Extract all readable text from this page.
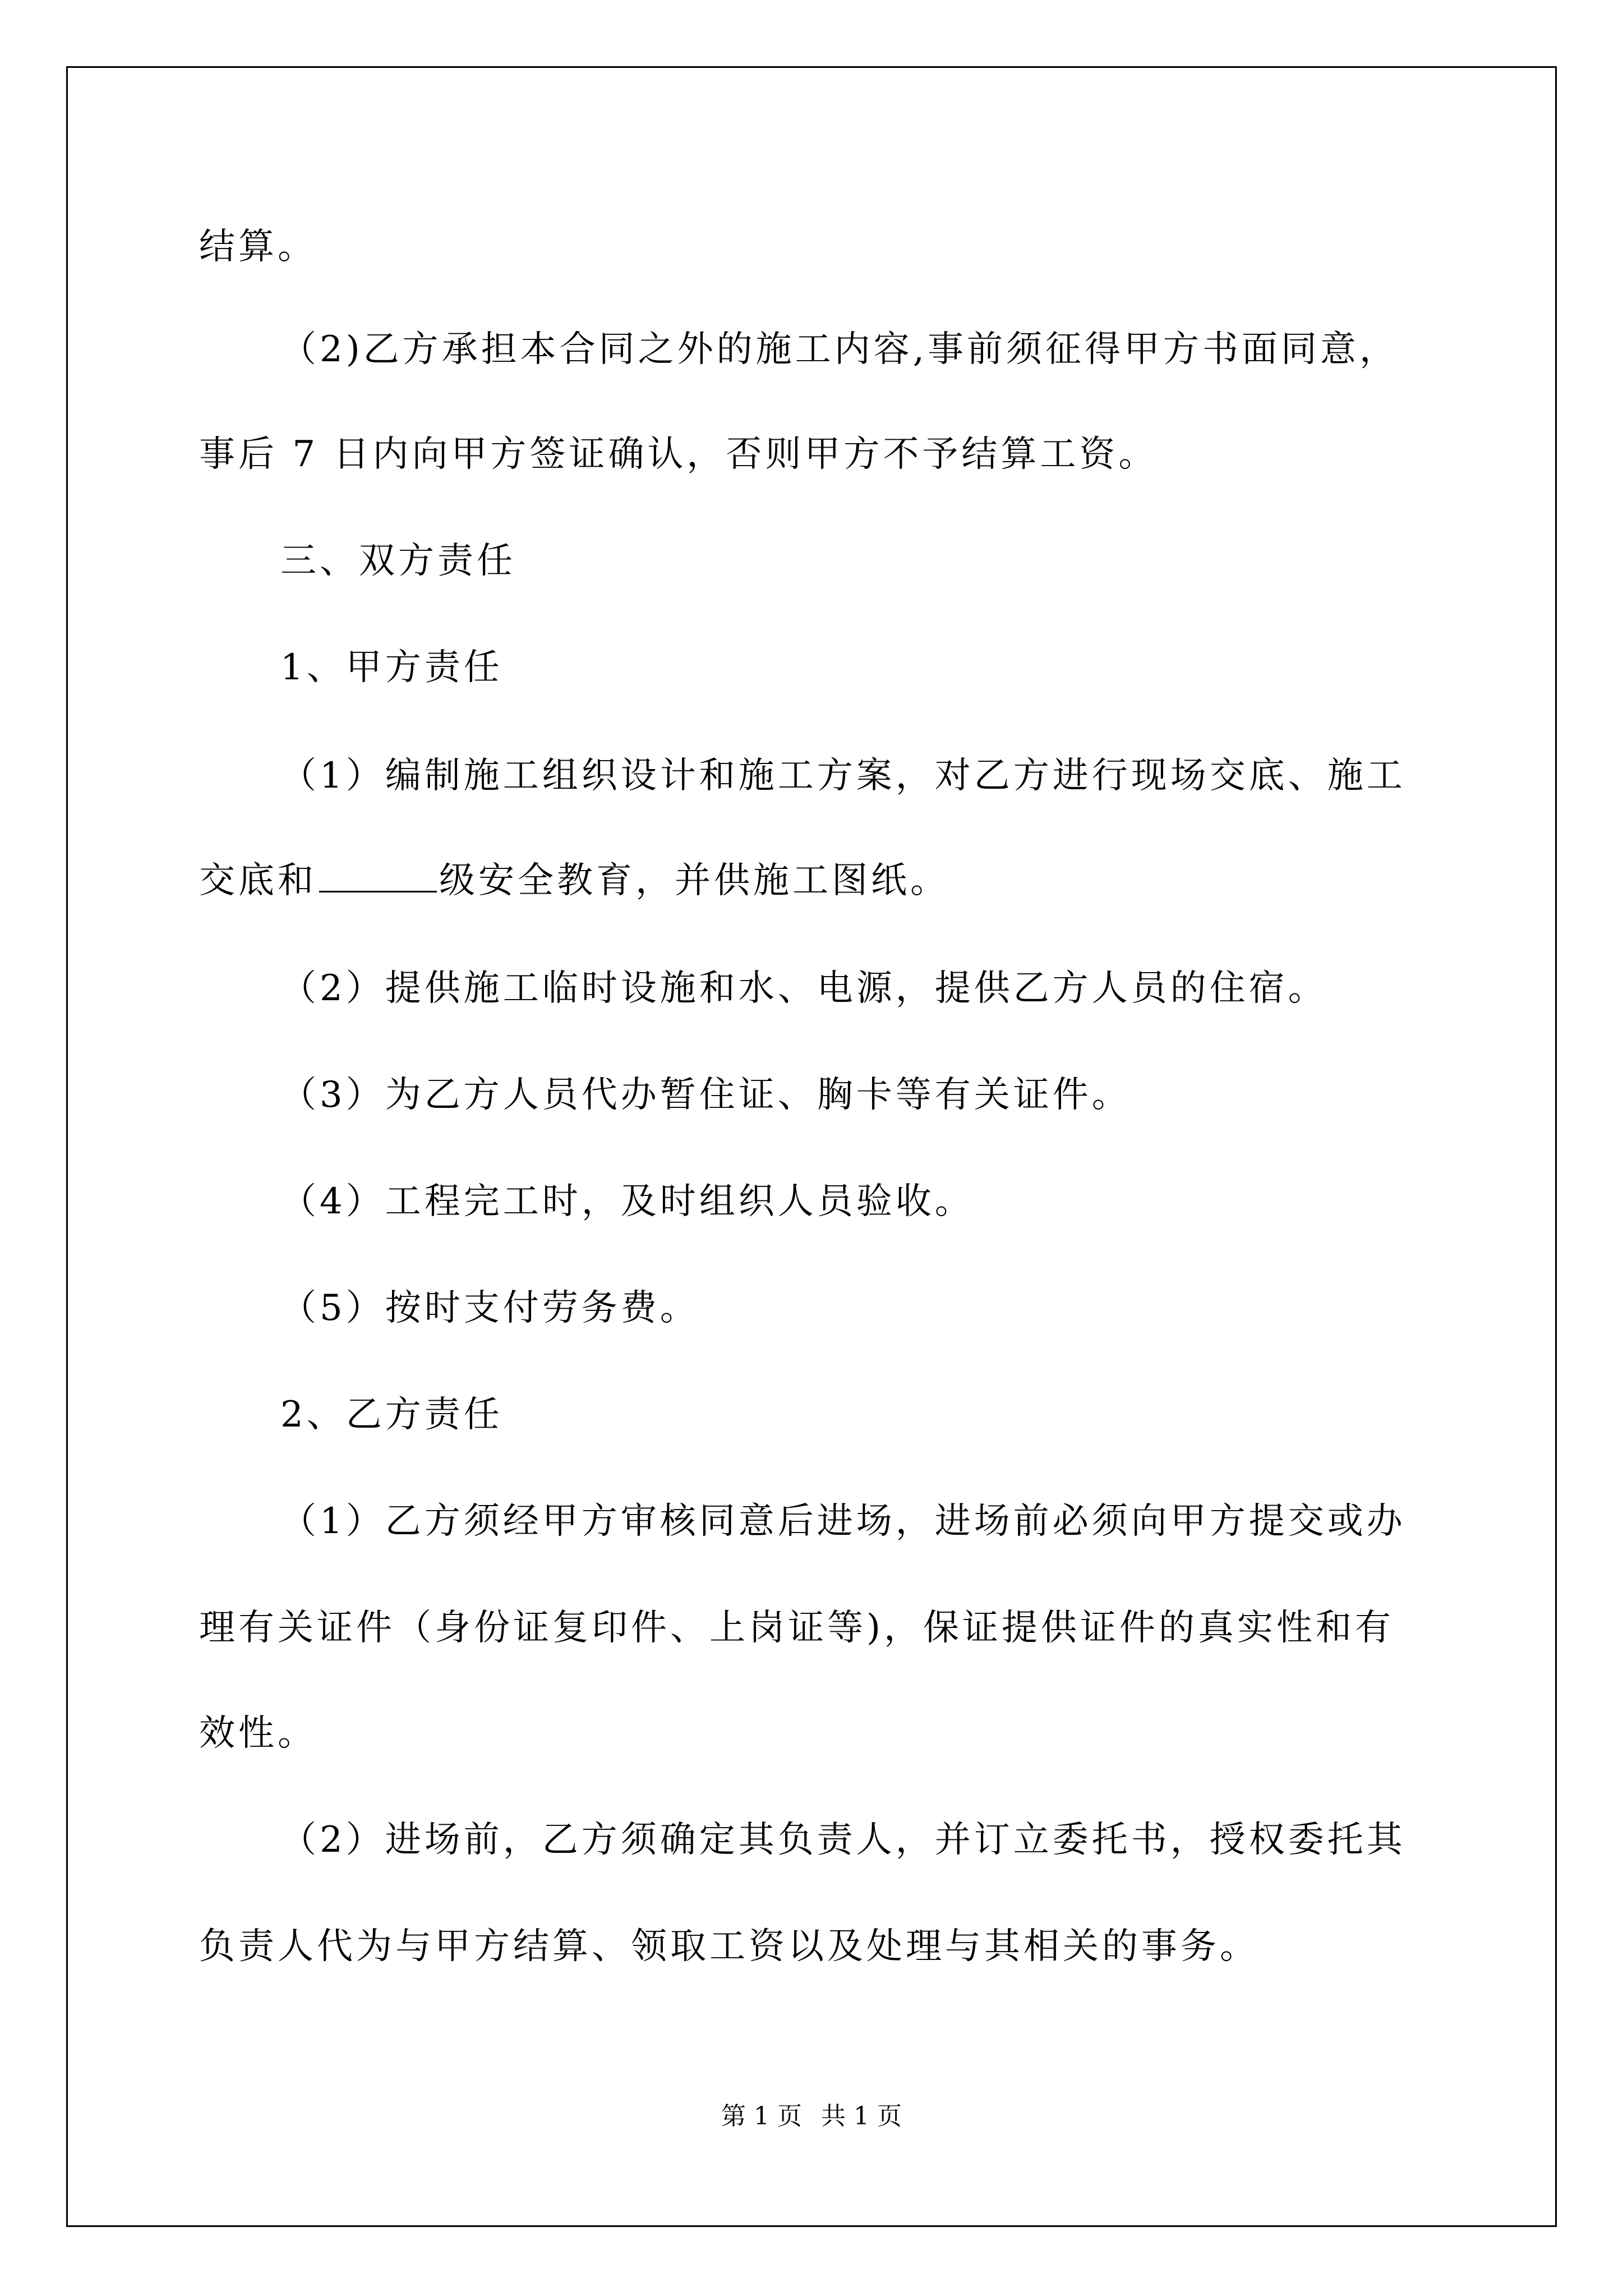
结算。
（2)乙方承担本合同之外的施工内容,事前须征得甲方书面同意，
事后 7 日内向甲方签证确认，否则甲方不予结算工资。
三、双方责任
1、甲方责任
（1）编制施工组织设计和施工方案，对乙方进行现场交底、施工
交底和	级安全教育，并供施工图纸。
（2）提供施工临时设施和水、电源，提供乙方人员的住宿。
（3）为乙方人员代办暂住证、胸卡等有关证件。
（4）工程完工时，及时组织人员验收。
（5）按时支付劳务费。
2、乙方责任
（1）乙方须经甲方审核同意后进场，进场前必须向甲方提交或办
理有关证件（身份证复印件、上岗证等)，保证提供证件的真实性和有
效性。
（2）进场前，乙方须确定其负责人，并订立委托书，授权委托其
负责人代为与甲方结算、领取工资以及处理与其相关的事务。
第 1 页 共 1 页
